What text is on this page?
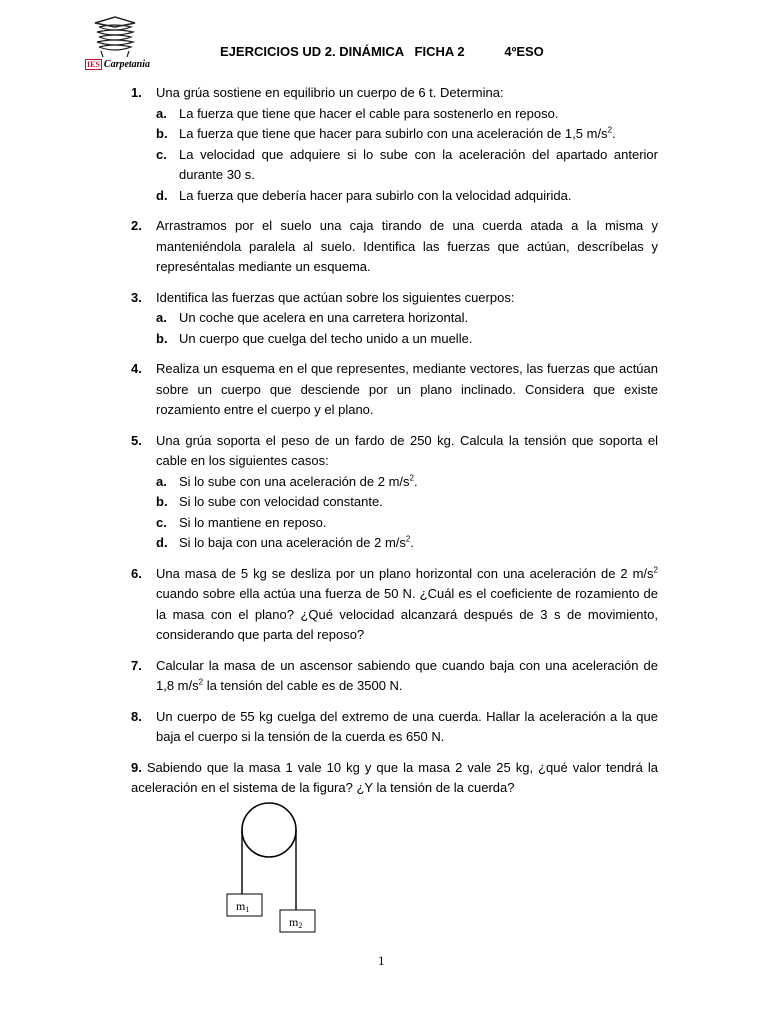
IES Carpetania
EJERCICIOS UD 2. DINÁMICA   FICHA 2           4ºESO
1. Una grúa sostiene en equilibrio un cuerpo de 6 t. Determina:
a. La fuerza que tiene que hacer el cable para sostenerlo en reposo.
b. La fuerza que tiene que hacer para subirlo con una aceleración de 1,5 $m/s^2$.
c. La velocidad que adquiere si lo sube con la aceleración del apartado anterior durante 30 s.
d. La fuerza que debería hacer para subirlo con la velocidad adquirida.
2. Arrastramos por el suelo una caja tirando de una cuerda atada a la misma y manteniéndola paralela al suelo. Identifica las fuerzas que actúan, descríbelas y represéntalas mediante un esquema.
3. Identifica las fuerzas que actúan sobre los siguientes cuerpos:
a. Un coche que acelera en una carretera horizontal.
b. Un cuerpo que cuelga del techo unido a un muelle.
4. Realiza un esquema en el que representes, mediante vectores, las fuerzas que actúan sobre un cuerpo que desciende por un plano inclinado. Considera que existe rozamiento entre el cuerpo y el plano.
5. Una grúa soporta el peso de un fardo de 250 kg. Calcula la tensión que soporta el cable en los siguientes casos:
a. Si lo sube con una aceleración de 2 $m/s^2$.
b. Si lo sube con velocidad constante.
c. Si lo mantiene en reposo.
d. Si lo baja con una aceleración de 2 $m/s^2$.
6. Una masa de 5 kg se desliza por un plano horizontal con una aceleración de 2 $m/s^2$ cuando sobre ella actúa una fuerza de 50 N. ¿Cuál es el coeficiente de rozamiento de la masa con el plano? ¿Qué velocidad alcanzará después de 3 s de movimiento, considerando que parta del reposo?
7. Calcular la masa de un ascensor sabiendo que cuando baja con una aceleración de 1,8 $m/s^2$ la tensión del cable es de 3500 N.
8. Un cuerpo de 55 kg cuelga del extremo de una cuerda. Hallar la aceleración a la que baja el cuerpo si la tensión de la cuerda es 650 N.
9. Sabiendo que la masa 1 vale 10 kg y que la masa 2 vale 25 kg, ¿qué valor tendrá la aceleración en el sistema de la figura? ¿Y la tensión de la cuerda?
m1
m2
1
